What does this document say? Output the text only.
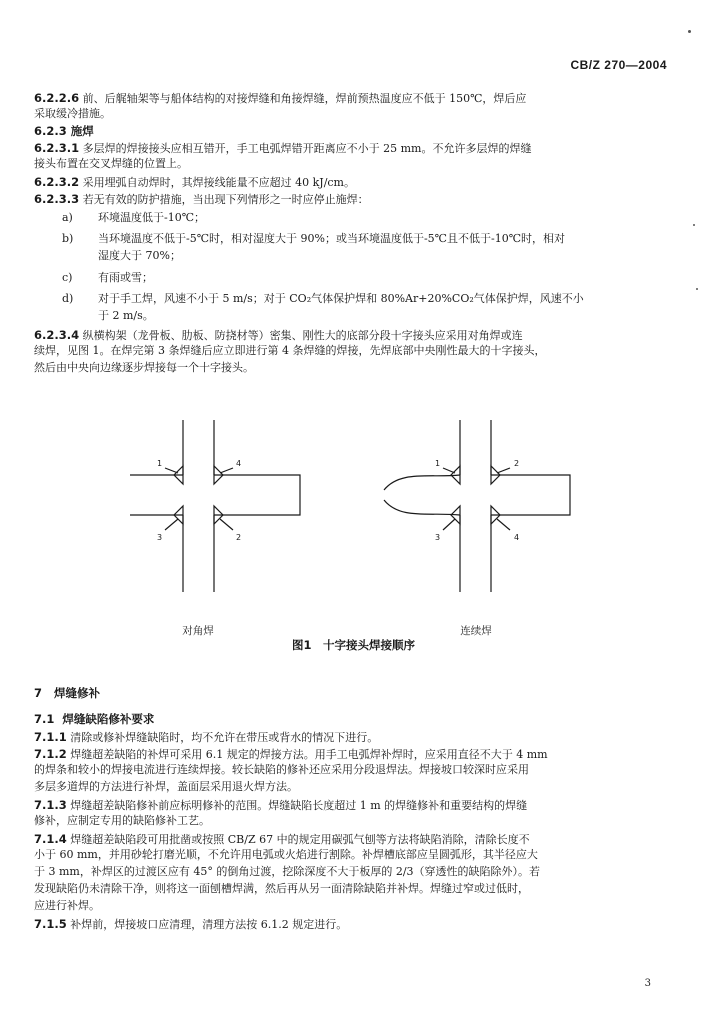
CB/Z 270—2004
6.2.2.6 前、后艉轴架等与船体结构的对接焊缝和角接焊缝，焊前预热温度应不低于 150℃，焊后应
采取缓冷措施。
6.2.3 施焊
6.2.3.1 多层焊的焊接接头应相互错开，手工电弧焊错开距离应不小于 25 mm。不允许多层焊的焊缝
接头布置在交叉焊缝的位置上。
6.2.3.2 采用埋弧自动焊时，其焊接线能量不应超过 40 kJ/cm。
6.2.3.3 若无有效的防护措施，当出现下列情形之一时应停止施焊：
a) 环境温度低于-10℃；
b) 当环境温度不低于-5℃时，相对湿度大于 90%；或当环境温度低于-5℃且不低于-10℃时，相对
湿度大于 70%；
c) 有雨或雪；
d) 对于手工焊，风速不小于 5 m/s；对于 CO₂气体保护焊和 80%Ar+20%CO₂气体保护焊，风速不小
于 2 m/s。
6.2.3.4 纵横构架（龙骨板、肋板、防挠材等）密集、刚性大的底部分段十字接头应采用对角焊或连
续焊，见图 1。在焊完第 3 条焊缝后应立即进行第 4 条焊缝的焊接，先焊底部中央刚性最大的十字接头，
然后由中央向边缘逐步焊接每一个十字接头。
1	4
3	2
1	2
3	4
对角焊	连续焊
图1　十字接头焊接顺序
7 焊缝修补
7.1 焊缝缺陷修补要求
7.1.1 清除或修补焊缝缺陷时，均不允许在带压或背水的情况下进行。
7.1.2 焊缝超差缺陷的补焊可采用 6.1 规定的焊接方法。用手工电弧焊补焊时，应采用直径不大于 4 mm
的焊条和较小的焊接电流进行连续焊接。较长缺陷的修补还应采用分段退焊法。焊接坡口较深时应采用
多层多道焊的方法进行补焊，盖面层采用退火焊方法。
7.1.3 焊缝超差缺陷修补前应标明修补的范围。焊缝缺陷长度超过 1 m 的焊缝修补和重要结构的焊缝
修补，应制定专用的缺陷修补工艺。
7.1.4 焊缝超差缺陷段可用批凿或按照 CB/Z 67 中的规定用碳弧气刨等方法将缺陷消除，清除长度不
小于 60 mm，并用砂轮打磨光顺，不允许用电弧或火焰进行割除。补焊槽底部应呈圆弧形，其半径应大
于 3 mm，补焊区的过渡区应有 45° 的倒角过渡，挖除深度不大于板厚的 2/3（穿透性的缺陷除外）。若
发现缺陷仍未清除干净，则将这一面刨槽焊满，然后再从另一面清除缺陷并补焊。焊缝过窄或过低时，
应进行补焊。
7.1.5 补焊前，焊接坡口应清理，清理方法按 6.1.2 规定进行。
3
